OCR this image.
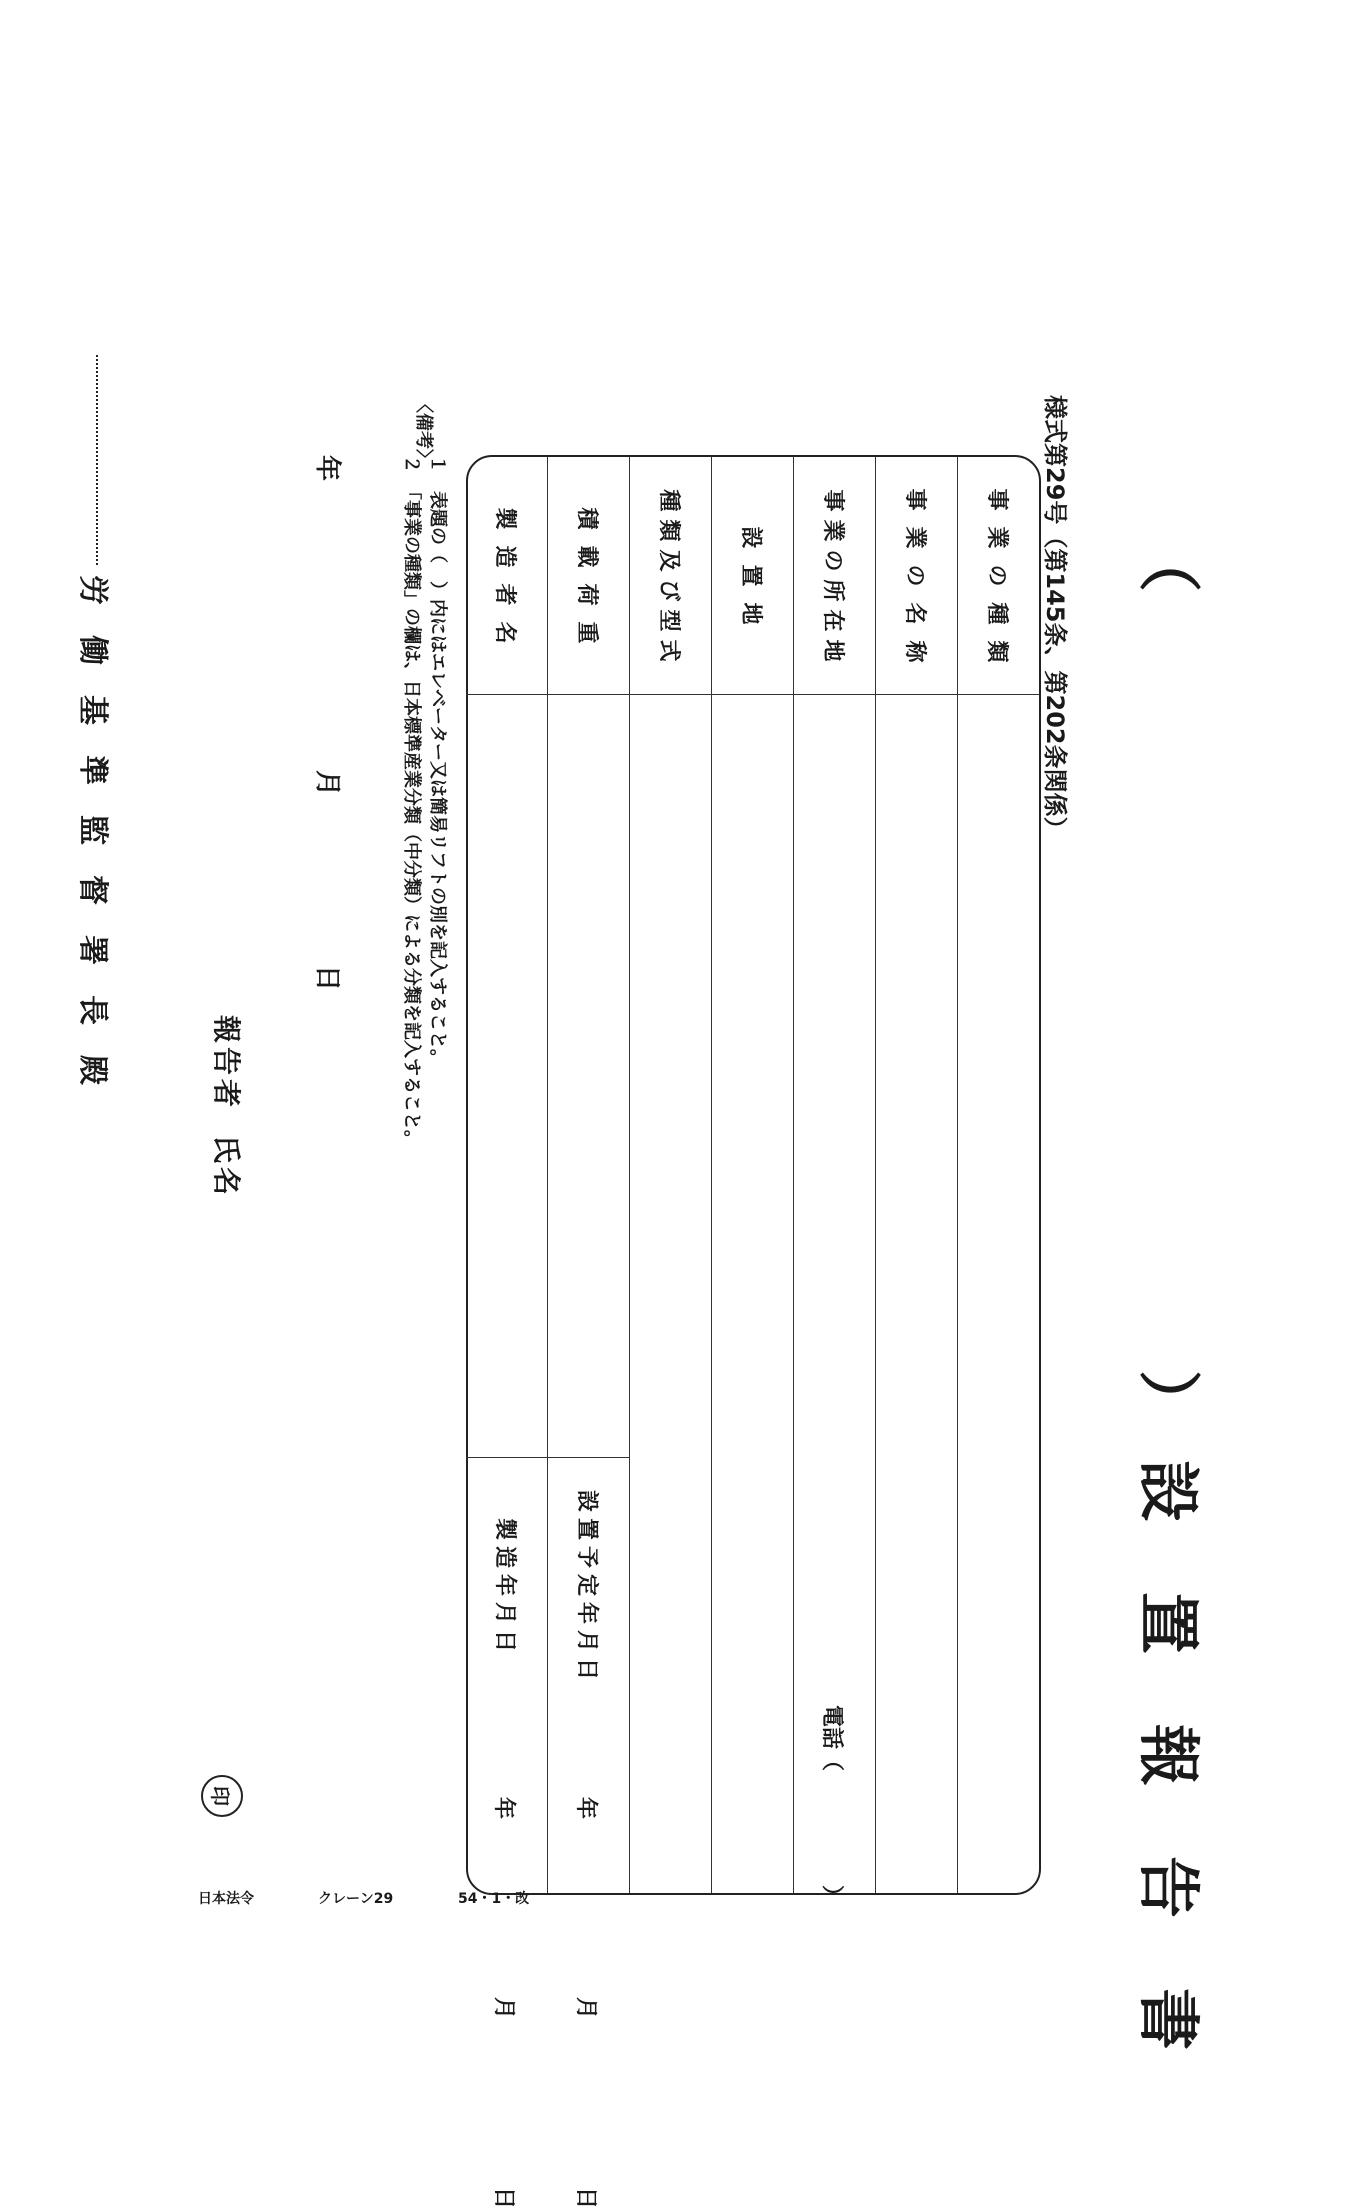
（
）
設置報告書
様式第29号（第145条、第202条関係）
事業の種類
事業の名称
事業の所在地
電話（
）
設置地
種類及び型式
積載荷重
設置予定年月日
年
月
日
製造者名
製造年月日
年
月
日
〈備考〉
１　表題の（　）内にはエレベーター又は簡易リフトの別を記入すること。
２　「事業の種類」の欄は、日本標準産業分類（中分類）による分類を記入すること。
年
月
日
報告者氏名
印
労働基準監督署長殿
日本法令	クレーン29	54・1・改
